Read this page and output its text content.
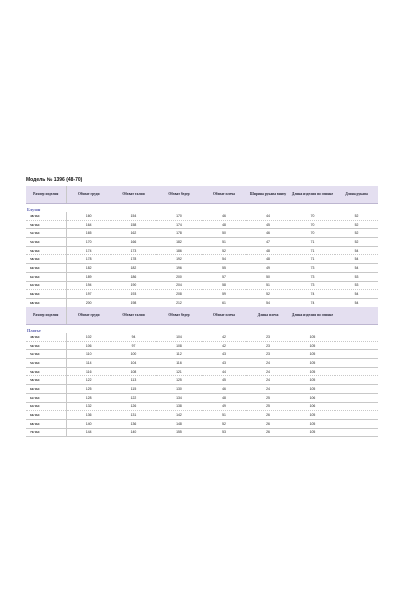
Модель № 1396 (48-70)
Размер изделия	Обхват груди	Обхват талии	Обхват бедер	Обхват плеча	Ширина рукава внизу	Длина изделия по спинке	Длина рукава
Блузон							
48/164	160	154	170	46	44	70	52
50/164	164	158	174	48	45	70	52
52/164	165	162	178	50	46	70	52
54/164	170	166	182	51	47	71	52
56/164	174	173	186	52	48	71	54
58/164	178	178	192	54	48	71	54
60/164	182	182	196	55	49	73	54
62/164	189	186	200	57	50	73	53
64/164	194	190	204	58	51	73	53
66/164	197	193	208	59	52	74	54
68/164	200	198	212	61	54	74	54

Размер изделия	Обхват груди	Обхват талии	Обхват бедер	Обхват плеча	Длина плеча	Длина изделия по спинке	
Платье							
48/164	102	94	104	42	23	105	
50/164	106	97	108	42	23	105	
52/164	110	100	112	43	23	105	
54/164	114	104	116	43	24	105	
56/164	116	108	121	44	24	105	
58/164	122	113	125	45	24	105	
60/164	125	115	130	46	24	105	
62/164	128	122	134	48	25	106	
64/164	132	126	138	49	25	106	
66/164	136	131	142	51	26	105	
68/164	140	136	148	52	26	105	
70/164	144	140	155	53	26	105	
